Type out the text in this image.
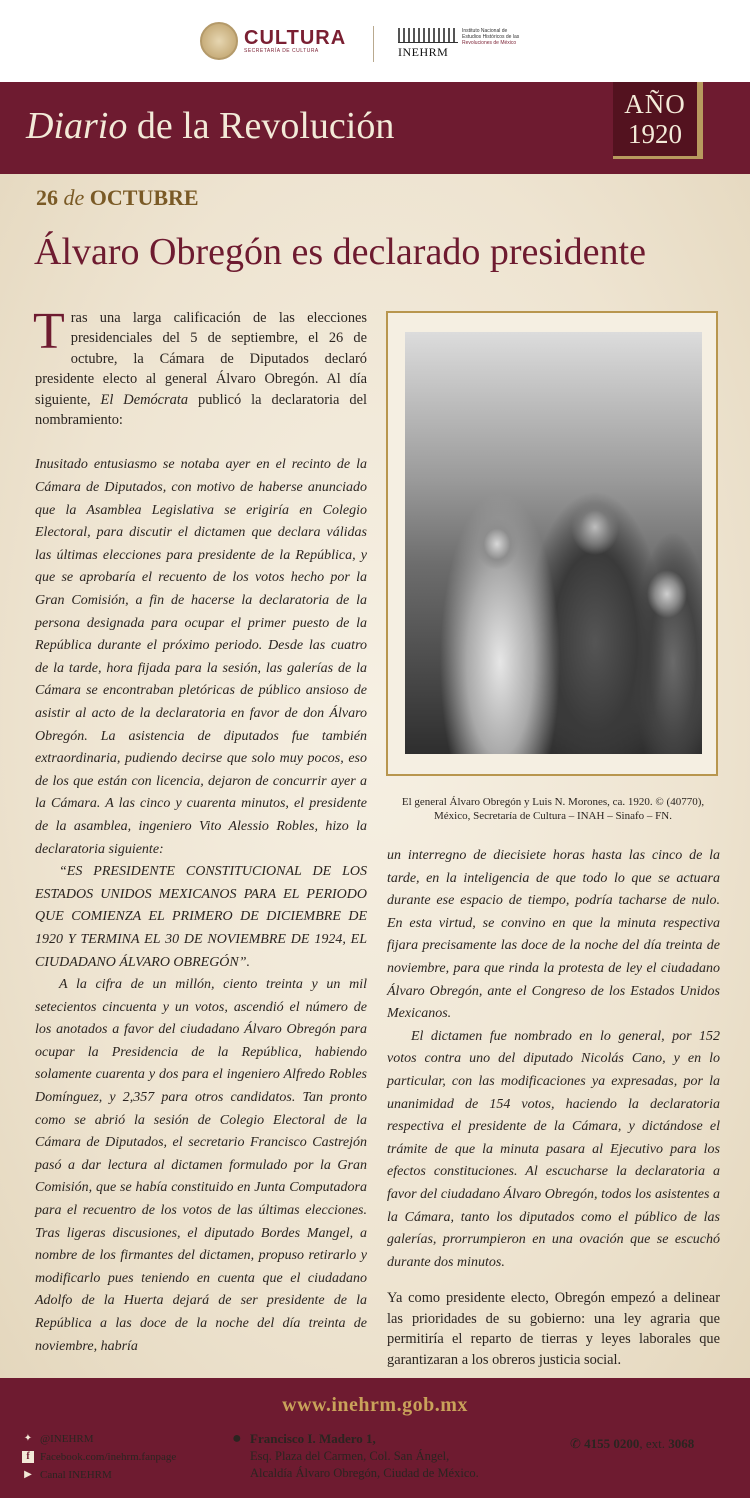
CULTURA
SECRETARÍA DE CULTURA	INEHRM
Instituto Nacional de
Estudios Históricos de las
Revoluciones de México
Diario de la Revolución
AÑO
1920
26 de OCTUBRE
Álvaro Obregón es declarado presidente

T ras una larga calificación de las elecciones presidenciales del 5 de septiembre, el 26 de octubre, la Cámara de Diputados declaró presidente electo al general Álvaro Obregón. Al día siguiente, El Demócrata publicó la declaratoria del nombramiento:

Inusitado entusiasmo se notaba ayer en el recinto de la Cámara de Diputados, con motivo de haberse anunciado que la Asamblea Legislativa se erigiría en Colegio Electoral, para discutir el dictamen que declara válidas las últimas elecciones para presidente de la República, y que se aprobaría el recuento de los votos hecho por la Gran Comisión, a fin de hacerse la declaratoria de la persona designada para ocupar el primer puesto de la República durante el próximo periodo. Desde las cuatro de la tarde, hora fijada para la sesión, las galerías de la Cámara se encontraban pletóricas de público ansioso de asistir al acto de la declaratoria en favor de don Álvaro Obregón. La asistencia de diputados fue también extraordinaria, pudiendo decirse que solo muy pocos, eso de los que están con licencia, dejaron de concurrir ayer a la Cámara. A las cinco y cuarenta minutos, el presidente de la asamblea, ingeniero Vito Alessio Robles, hizo la declaratoria siguiente:

“ES PRESIDENTE CONSTITUCIONAL DE LOS ESTADOS UNIDOS MEXICANOS PARA EL PERIODO QUE COMIENZA EL PRIMERO DE DICIEMBRE DE 1920 Y TERMINA EL 30 DE NOVIEMBRE DE 1924, EL CIUDADANO ÁLVARO OBREGÓN”.

A la cifra de un millón, ciento treinta y un mil setecientos cincuenta y un votos, ascendió el número de los anotados a favor del ciudadano Álvaro Obregón para ocupar la Presidencia de la República, habiendo solamente cuarenta y dos para el ingeniero Alfredo Robles Domínguez, y 2,357 para otros candidatos. Tan pronto como se abrió la sesión de Colegio Electoral de la Cámara de Diputados, el secretario Francisco Castrejón pasó a dar lectura al dictamen formulado por la Gran Comisión, que se había constituido en Junta Computadora para el recuentro de los votos de las últimas elecciones. Tras ligeras discusiones, el diputado Bordes Mangel, a nombre de los firmantes del dictamen, propuso retirarlo y modificarlo pues teniendo en cuenta que el ciudadano Adolfo de la Huerta dejará de ser presidente de la República a las doce de la noche del día treinta de noviembre, habría

El general Álvaro Obregón y Luis N. Morones, ca. 1920. © (40770),
México, Secretaría de Cultura – INAH – Sinafo – FN.

un interregno de diecisiete horas hasta las cinco de la tarde, en la inteligencia de que todo lo que se actuara durante ese espacio de tiempo, podría tacharse de nulo. En esta virtud, se convino en que la minuta respectiva fijara precisamente las doce de la noche del día treinta de noviembre, para que rinda la protesta de ley el ciudadano Álvaro Obregón, ante el Congreso de los Estados Unidos Mexicanos.

El dictamen fue nombrado en lo general, por 152 votos contra uno del diputado Nicolás Cano, y en lo particular, con las modificaciones ya expresadas, por la unanimidad de 154 votos, haciendo la declaratoria respectiva el presidente de la Cámara, y dictándose el trámite de que la minuta pasara al Ejecutivo para los efectos constituciones. Al escucharse la declaratoria a favor del ciudadano Álvaro Obregón, todos los asistentes a la Cámara, tanto los diputados como el público de las galerías, prorrumpieron en una ovación que se escuchó durante dos minutos.

Ya como presidente electo, Obregón empezó a delinear las prioridades de su gobierno: una ley agraria que permitiría el reparto de tierras y leyes laborales que garantizaran a los obreros justicia social.

www.inehrm.gob.mx
✦ @INEHRM
f Facebook.com/inehrm.fanpage
▶ Canal INEHRM
● Francisco I. Madero 1,
Esq. Plaza del Carmen, Col. San Ángel,
Alcaldía Álvaro Obregón, Ciudad de México.
✆ 4155 0200, ext. 3068
